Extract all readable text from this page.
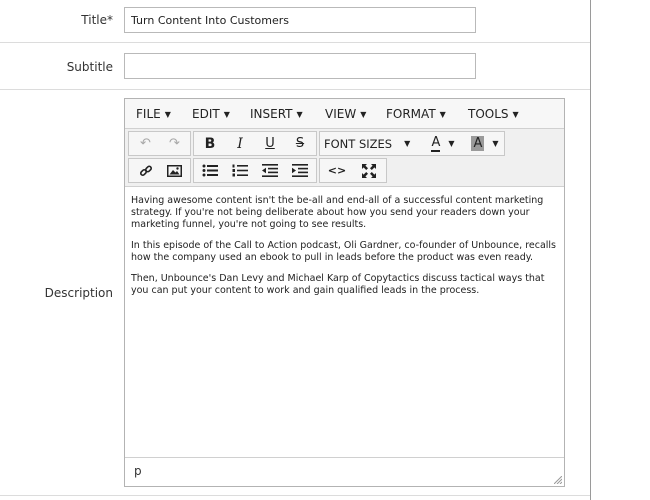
Title*
Turn Content Into Customers
Subtitle
Description
FILE ▼ EDIT ▼ INSERT ▼ VIEW ▼ FORMAT ▼ TOOLS ▼
↶ ↷ B I U S FONT SIZES ▼ A ▼ A ▼
<>

Having awesome content isn't the be-all and end-all of a successful content marketing strategy. If you're not being deliberate about how you send your readers down your marketing funnel, you're not going to see results.

In this episode of the Call to Action podcast, Oli Gardner, co-founder of Unbounce, recalls how the company used an ebook to pull in leads before the product was even ready.

Then, Unbounce's Dan Levy and Michael Karp of Copytactics discuss tactical ways that you can put your content to work and gain qualified leads in the process.

p
